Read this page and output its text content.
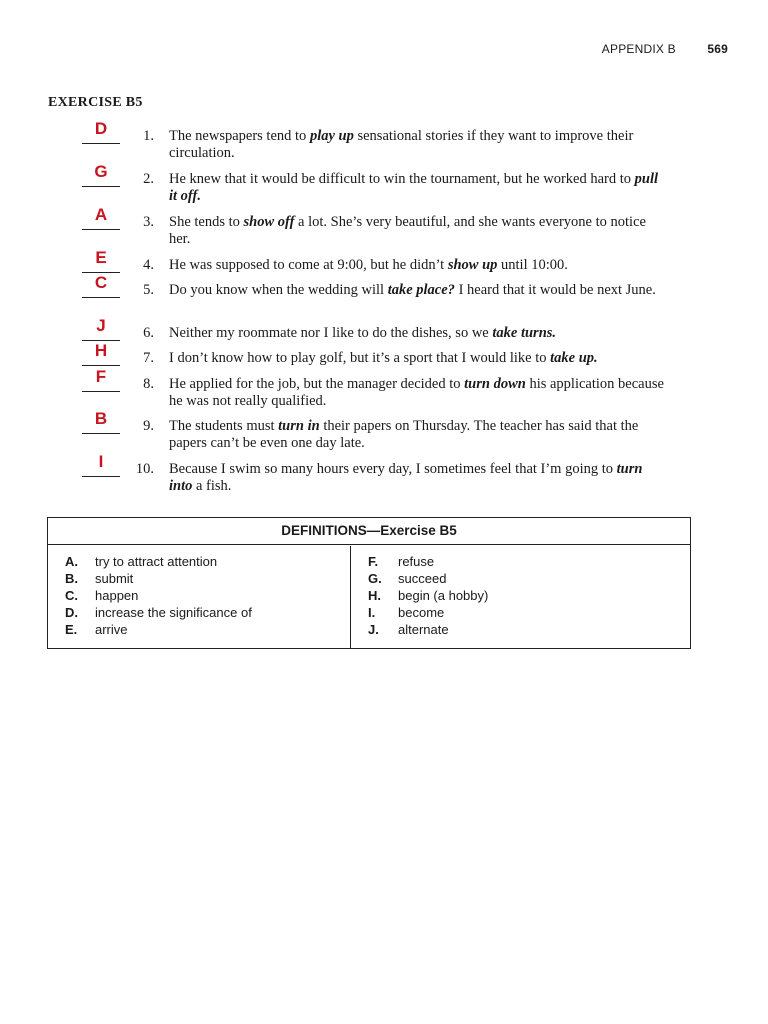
APPENDIX B	569
EXERCISE B5
D	1. The newspapers tend to play up sensational stories if they want to improve their circulation.
G	2. He knew that it would be difficult to win the tournament, but he worked hard to pull it off.
A	3. She tends to show off a lot. She’s very beautiful, and she wants everyone to notice her.
E	4. He was supposed to come at 9:00, but he didn’t show up until 10:00.
C	5. Do you know when the wedding will take place? I heard that it would be next June.
J	6. Neither my roommate nor I like to do the dishes, so we take turns.
H	7. I don’t know how to play golf, but it’s a sport that I would like to take up.
F	8. He applied for the job, but the manager decided to turn down his application because he was not really qualified.
B	9. The students must turn in their papers on Thursday. The teacher has said that the papers can’t be even one day late.
I	10. Because I swim so many hours every day, I sometimes feel that I’m going to turn into a fish.
DEFINITIONS—Exercise B5
A. try to attract attention
B. submit
C. happen
D. increase the significance of
E. arrive
F. refuse
G. succeed
H. begin (a hobby)
I. become
J. alternate
